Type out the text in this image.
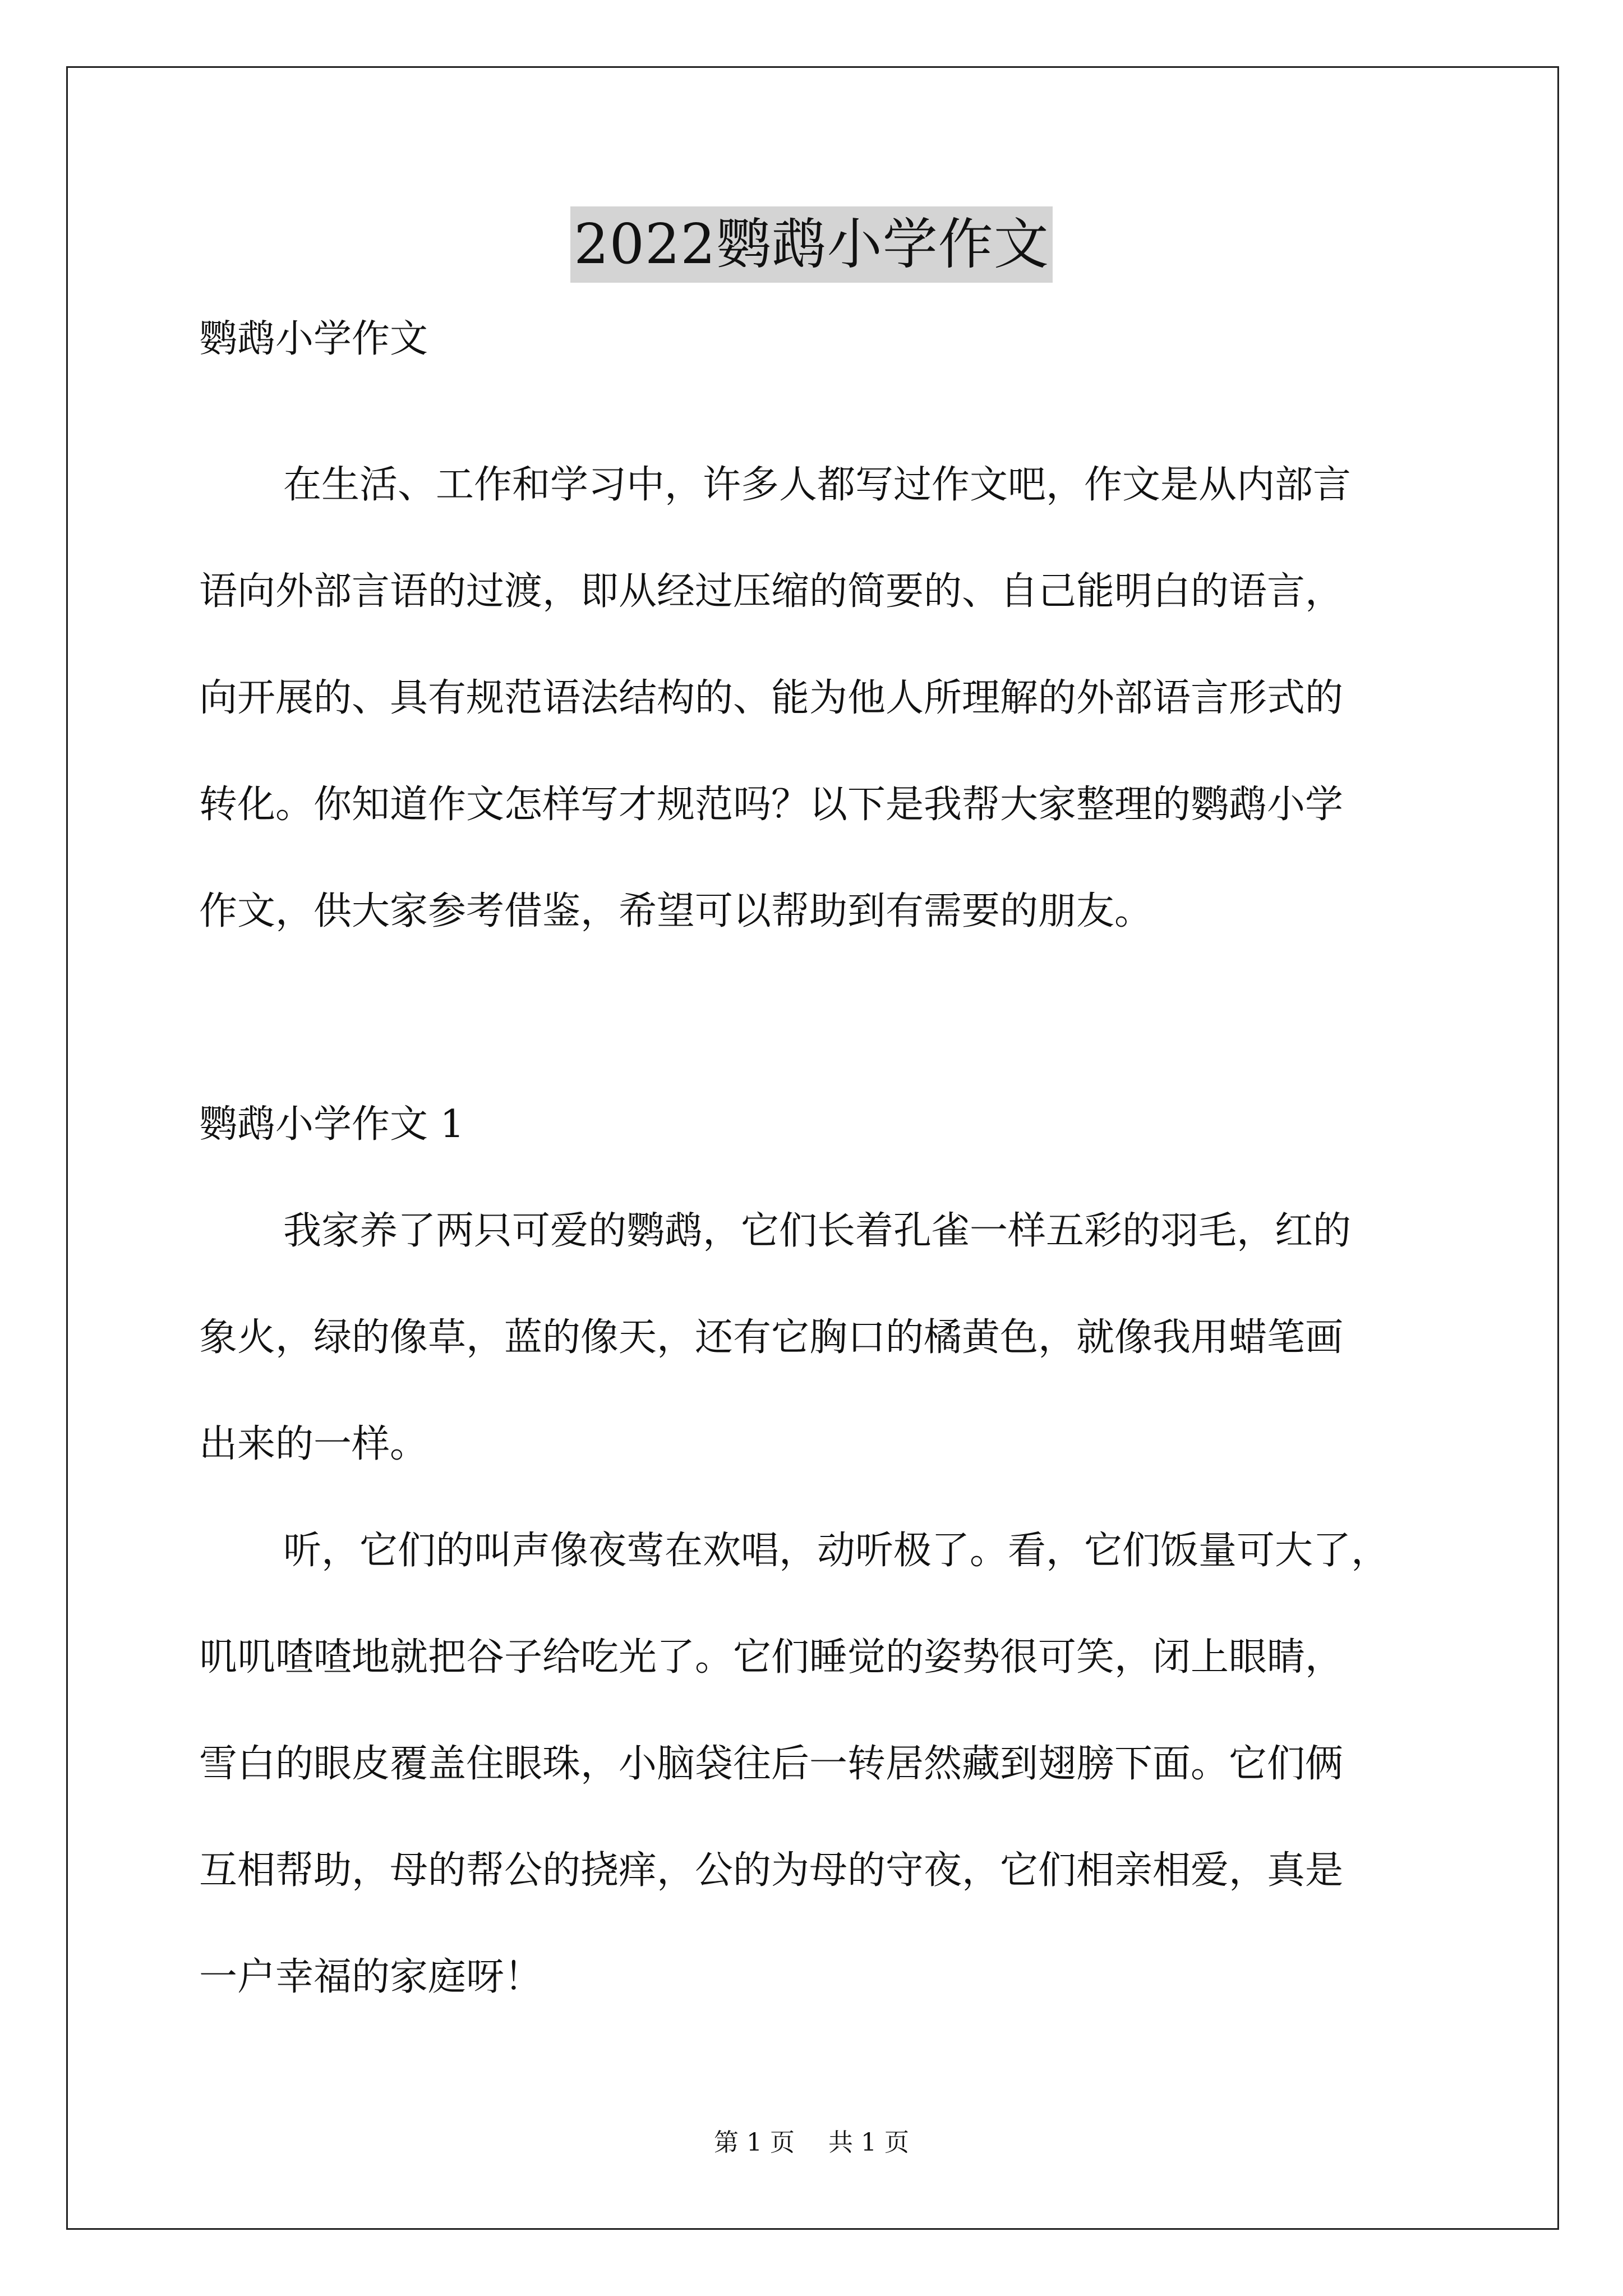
2022鹦鹉小学作文
鹦鹉小学作文
在生活、工作和学习中，许多人都写过作文吧，作文是从内部言
语向外部言语的过渡，即从经过压缩的简要的、自己能明白的语言，
向开展的、具有规范语法结构的、能为他人所理解的外部语言形式的
转化。你知道作文怎样写才规范吗？以下是我帮大家整理的鹦鹉小学
作文，供大家参考借鉴，希望可以帮助到有需要的朋友。
鹦鹉小学作文 1
我家养了两只可爱的鹦鹉，它们长着孔雀一样五彩的羽毛，红的
象火，绿的像草，蓝的像天，还有它胸口的橘黄色，就像我用蜡笔画
出来的一样。
听，它们的叫声像夜莺在欢唱，动听极了。看，它们饭量可大了，
叽叽喳喳地就把谷子给吃光了。它们睡觉的姿势很可笑，闭上眼睛，
雪白的眼皮覆盖住眼珠，小脑袋往后一转居然藏到翅膀下面。它们俩
互相帮助，母的帮公的挠痒，公的为母的守夜，它们相亲相爱，真是
一户幸福的家庭呀！
第 1 页 共 1 页
